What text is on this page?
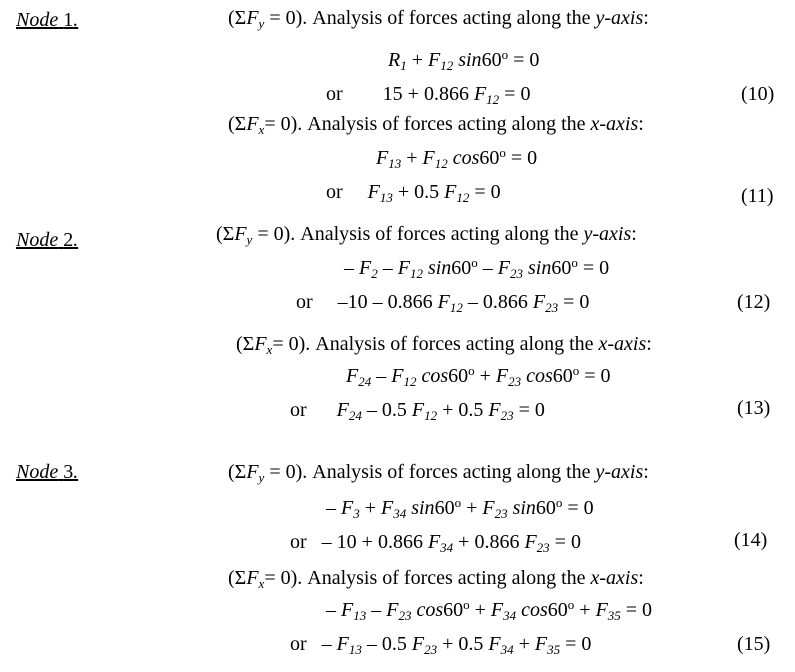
Node 1.	$(\Sigma F_y = 0)$. Analysis of forces acting along the y-axis:
$R_1 + F_{12}$ $\sin 60^o = 0$
or        15 + 0.866 $F_{12} = 0$	(10)
$(\Sigma F_x= 0)$. Analysis of forces acting along the x-axis:
$F_{13} + F_{12}$ $\cos 60^o = 0$
or $F_{13} + 0.5$ $F_{12} = 0$	(11)
Node 2.	$(\Sigma F_y = 0)$. Analysis of forces acting along the y-axis:
– $F_2 - F_{12}$ $\sin 60^o - F_{23}$ $\sin 60^o = 0$
or     –10 – 0.866 $F_{12} - 0.866$ $F_{23} = 0$	(12)
$(\Sigma F_x= 0)$. Analysis of forces acting along the x-axis:
$F_{24} - F_{12}$ $\cos 60^o + F_{23}$ $\cos 60^o = 0$
or $F_{24} - 0.5$ $F_{12} + 0.5$ $F_{23} = 0$	(13)
Node 3.	$(\Sigma F_y = 0)$. Analysis of forces acting along the y-axis:
– $F_3 + F_{34}$ $\sin 60^o + F_{23}$ $\sin 60^o = 0$
or   – 10 + 0.866 $F_{34} + 0.866$ $F_{23} = 0$	(14)
$(\Sigma F_x= 0)$. Analysis of forces acting along the x-axis:
– $F_{13} - F_{23}$ $\cos 60^o + F_{34}$ $\cos 60^o + F_{35} = 0$
or   – $F_{13} - 0.5$ $F_{23} + 0.5$ $F_{34} + F_{35} = 0$	(15)
